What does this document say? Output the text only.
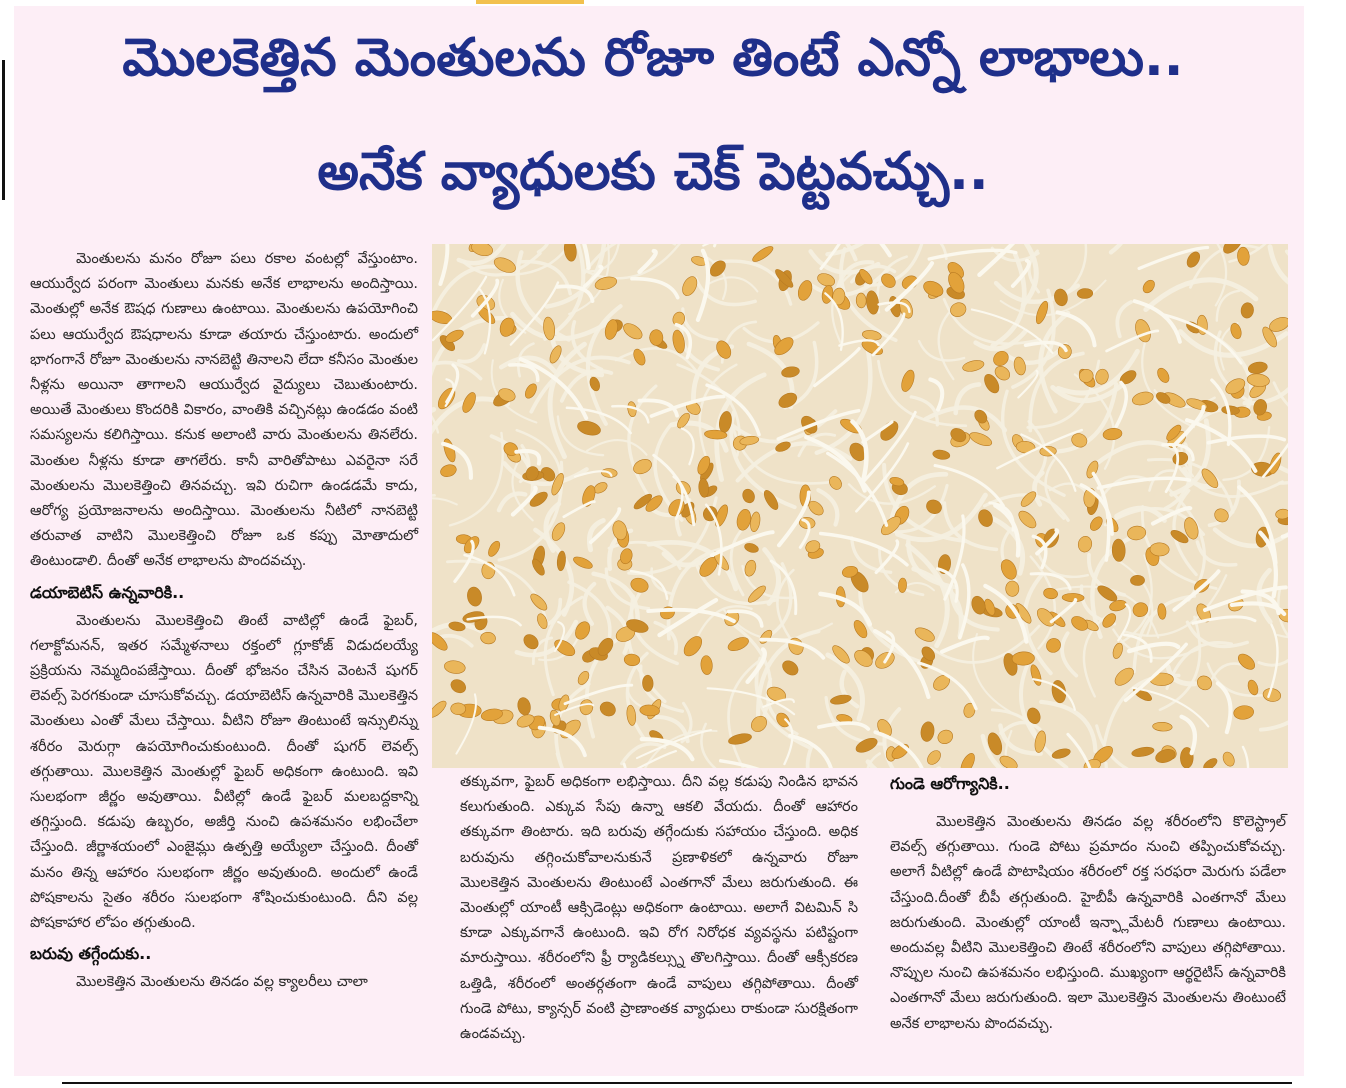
మొలకెత్తిన మెంతులను రోజూ తింటే ఎన్నో లాభాలు..
అనేక వ్యాధులకు చెక్ పెట్టవచ్చు..

మెంతులను మనం రోజూ పలు రకాల వంటల్లో వేస్తుంటాం. ఆయుర్వేద పరంగా మెంతులు మనకు అనేక లాభాలను అందిస్తాయి. మెంతుల్లో అనేక ఔషధ గుణాలు ఉంటాయి. మెంతులను ఉపయోగించి పలు ఆయుర్వేద ఔషధాలను కూడా తయారు చేస్తుంటారు. అందులో భాగంగానే రోజూ మెంతులను నానబెట్టి తినాలని లేదా కనీసం మెంతుల నీళ్లను అయినా తాగాలని ఆయుర్వేద వైద్యులు చెబుతుంటారు. అయితే మెంతులు కొందరికి వికారం, వాంతికి వచ్చినట్లు ఉండడం వంటి సమస్యలను కలిగిస్తాయి. కనుక అలాంటి వారు మెంతులను తినలేరు. మెంతుల నీళ్లను కూడా తాగలేరు. కానీ వారితోపాటు ఎవరైనా సరే మెంతులను మొలకెత్తించి తినవచ్చు. ఇవి రుచిగా ఉండడమే కాదు, ఆరోగ్య ప్రయోజనాలను అందిస్తాయి. మెంతులను నీటిలో నానబెట్టి తరువాత వాటిని మొలకెత్తించి రోజూ ఒక కప్పు మోతాదులో తింటుండాలి. దీంతో అనేక లాభాలను పొందవచ్చు.

డయాబెటిస్ ఉన్నవారికి..

మెంతులను మొలకెత్తించి తింటే వాటిల్లో ఉండే ఫైబర్, గలాక్టోమనన్, ఇతర సమ్మేళనాలు రక్తంలో గ్లూకోజ్ విడుదలయ్యే ప్రక్రియను నెమ్మదింపజేస్తాయి. దీంతో భోజనం చేసిన వెంటనే షుగర్ లెవల్స్ పెరగకుండా చూసుకోవచ్చు. డయాబెటిస్ ఉన్నవారికి మొలకెత్తిన మెంతులు ఎంతో మేలు చేస్తాయి. వీటిని రోజూ తింటుంటే ఇన్సులిన్ను శరీరం మెరుగ్గా ఉపయోగించుకుంటుంది. దీంతో షుగర్ లెవల్స్ తగ్గుతాయి. మొలకెత్తిన మెంతుల్లో ఫైబర్ అధికంగా ఉంటుంది. ఇవి సులభంగా జీర్ణం అవుతాయి. వీటిల్లో ఉండే ఫైబర్ మలబద్దకాన్ని తగ్గిస్తుంది. కడుపు ఉబ్బరం, అజీర్తి నుంచి ఉపశమనం లభించేలా చేస్తుంది. జీర్ణాశయంలో ఎంజైమ్లు ఉత్పత్తి అయ్యేలా చేస్తుంది. దీంతో మనం తిన్న ఆహారం సులభంగా జీర్ణం అవుతుంది. అందులో ఉండే పోషకాలను సైతం శరీరం సులభంగా శోషించుకుంటుంది. దీని వల్ల పోషకాహార లోపం తగ్గుతుంది.

బరువు తగ్గేందుకు..

మొలకెత్తిన మెంతులను తినడం వల్ల క్యాలరీలు చాలా

తక్కువగా, ఫైబర్ అధికంగా లభిస్తాయి. దీని వల్ల కడుపు నిండిన భావన కలుగుతుంది. ఎక్కువ సేపు ఉన్నా ఆకలి వేయదు. దీంతో ఆహారం తక్కువగా తింటారు. ఇది బరువు తగ్గేందుకు సహాయం చేస్తుంది. అధిక బరువును తగ్గించుకోవాలనుకునే ప్రణాళికలో ఉన్నవారు రోజూ మొలకెత్తిన మెంతులను తింటుంటే ఎంతగానో మేలు జరుగుతుంది. ఈ మెంతుల్లో యాంటీ ఆక్సిడెంట్లు అధికంగా ఉంటాయి. అలాగే విటమిన్ సి కూడా ఎక్కువగానే ఉంటుంది. ఇవి రోగ నిరోధక వ్యవస్థను పటిష్టంగా మారుస్తాయి. శరీరంలోని ఫ్రీ ర్యాడికల్స్ను తొలగిస్తాయి. దీంతో ఆక్సీకరణ ఒత్తిడి, శరీరంలో అంతర్గతంగా ఉండే వాపులు తగ్గిపోతాయి. దీంతో గుండె పోటు, క్యాన్సర్ వంటి ప్రాణాంతక వ్యాధులు రాకుండా సురక్షితంగా ఉండవచ్చు.

గుండె ఆరోగ్యానికి..

మొలకెత్తిన మెంతులను తినడం వల్ల శరీరంలోని కొలెస్ట్రాల్ లెవల్స్ తగ్గుతాయి. గుండె పోటు ప్రమాదం నుంచి తప్పించుకోవచ్చు. అలాగే వీటిల్లో ఉండే పొటాషియం శరీరంలో రక్త సరఫరా మెరుగు పడేలా చేస్తుంది.దీంతో బీపీ తగ్గుతుంది. హైబీపీ ఉన్నవారికి ఎంతగానో మేలు జరుగుతుంది. మెంతుల్లో యాంటీ ఇన్ఫ్లామేటరీ గుణాలు ఉంటాయి. అందువల్ల వీటిని మొలకెత్తించి తింటే శరీరంలోని వాపులు తగ్గిపోతాయి. నొప్పుల నుంచి ఉపశమనం లభిస్తుంది. ముఖ్యంగా ఆర్థరైటిస్ ఉన్నవారికి ఎంతగానో మేలు జరుగుతుంది. ఇలా మొలకెత్తిన మెంతులను తింటుంటే అనేక లాభాలను పొందవచ్చు.
